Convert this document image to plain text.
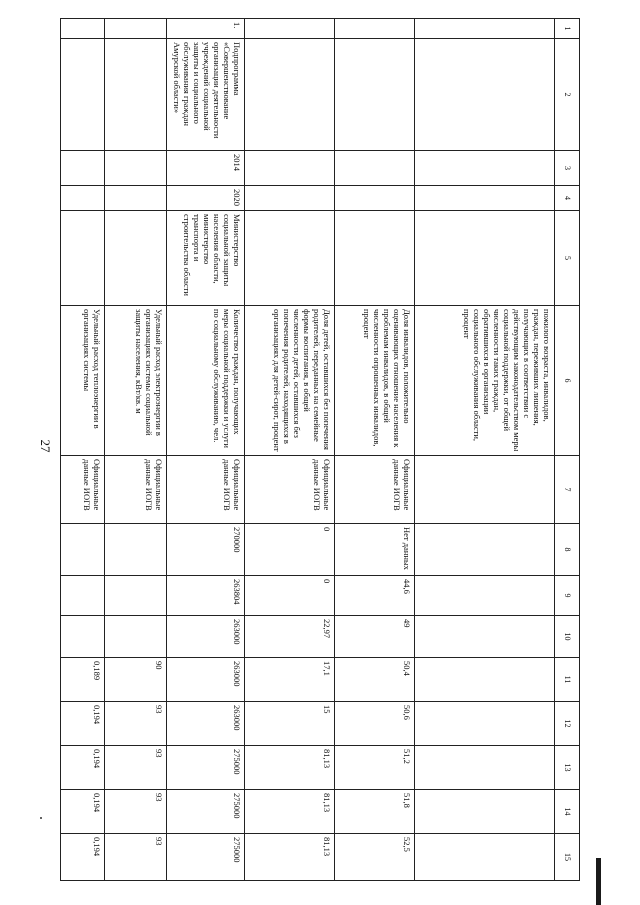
27
1	2	3	4	5	6	7	8	9	10	11	12	13	14	15
					пожилого возраста, инвалидов, граждан, переживших лишения, получающих в соответствии с действующим законодательством меры социальной поддержки, от общей численности таких граждан, обратившихся в организации социального обслуживания области, процент									
					Доля инвалидов, положительно оценивающих отношение населения к проблемам инвалидов, в общей численности опрошенных инвалидов, процент	Официальные данные ИОГВ	Нет данных	44,6	49	50,4	50,6	51,2	51,8	52,5
					Доля детей, оставшихся без попечения родителей, переданных на семейные формы воспитания, в общей численности детей, оставшихся без попечения родителей, находящихся в организациях для детей-сирот, процент	Официальные данные ИОГВ	0	0	22,97	17,1	15	81,13	81,13	81,13
1.	Подпрограмма «Совершенствование организации деятельности учреждений социальной защиты и социального обслуживания граждан Амурской области»	2014	2020	Министерство социальной защиты населения области, министерство транспорта и строительства области	Количество граждан, получающих меры социальной поддержки и услуги по социальному обслуживанию, чел.	Официальные данные ИОГВ	270000	263804	263000	263000	263000	275000	275000	275000
					Удельный расход электроэнергии в организациях системы социальной защиты населения, кВт/кв. м	Официальные данные ИОГВ				90	93	93	93	93
					Удельный расход теплоэнергии в организациях системы	Официальные данные ИОГВ				0,189	0,194	0,194	0,194	0,194
